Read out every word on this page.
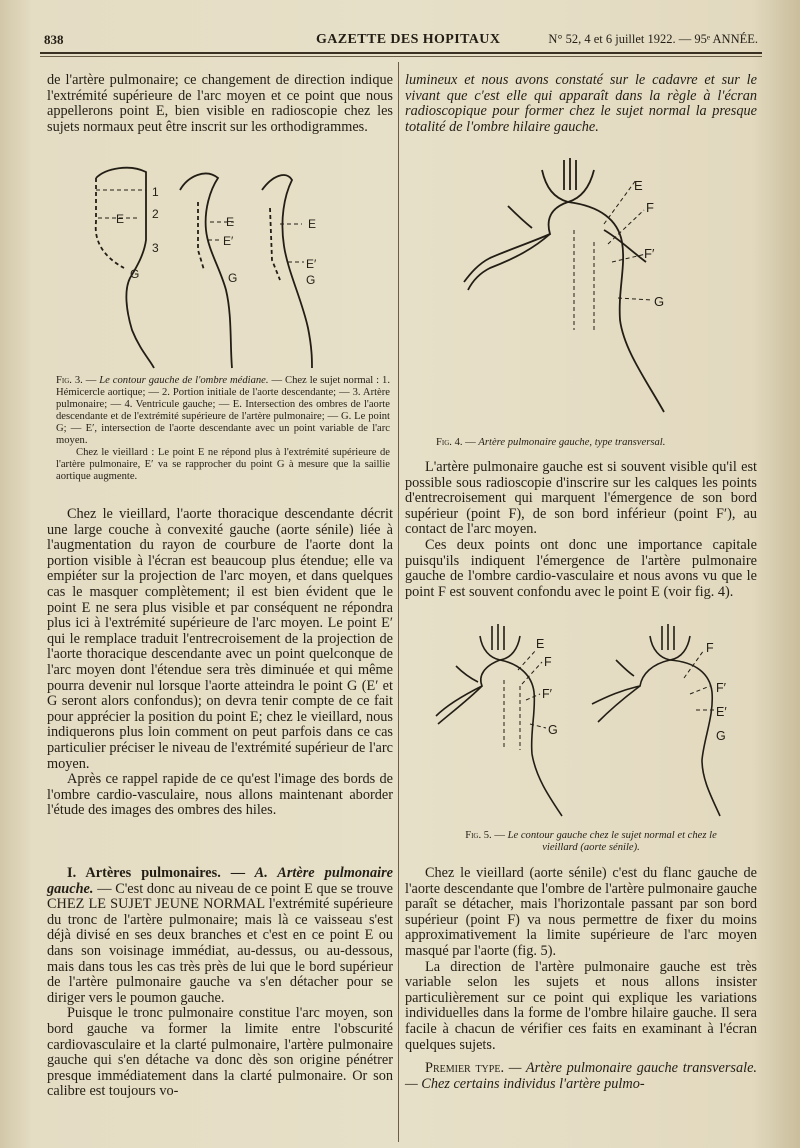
838	GAZETTE DES HOPITAUX	N° 52, 4 et 6 juillet 1922. — 95ᵉ ANNÉE.

de l'artère pulmonaire; ce changement de direction indique l'extrémité supérieure de l'arc moyen et ce point que nous appellerons point E, bien visible en radioscopie chez les sujets normaux peut être inscrit sur les orthodigrammes.

1
2
3
E
G
E
E′
G
E
E′
G

Fig. 3. — Le contour gauche de l'ombre médiane. — Chez le sujet normal : 1. Hémicercle aortique; — 2. Portion initiale de l'aorte descendante; — 3. Artère pulmonaire; — 4. Ventricule gauche; — E. Intersection des ombres de l'aorte descendante et de l'extrémité supérieure de l'artère pulmonaire; — G. Le point G; — E′, intersection de l'aorte descendante avec un point variable de l'arc moyen.

Chez le vieillard : Le point E ne répond plus à l'extrémité supérieure de l'artère pulmonaire, E′ va se rapprocher du point G à mesure que la saillie aortique augmente.

Chez le vieillard, l'aorte thoracique descendante décrit une large couche à convexité gauche (aorte sénile) liée à l'augmentation du rayon de courbure de l'aorte dont la portion visible à l'écran est beaucoup plus étendue; elle va empiéter sur la projection de l'arc moyen, et dans quelques cas le masquer complètement; il est bien évident que le point E ne sera plus visible et par conséquent ne répondra plus ici à l'extrémité supérieure de l'arc moyen. Le point E′ qui le remplace traduit l'entrecroisement de la projection de l'aorte thoracique descendante avec un point quelconque de l'arc moyen dont l'étendue sera très diminuée et qui même pourra devenir nul lorsque l'aorte atteindra le point G (E′ et G seront alors confondus); on devra tenir compte de ce fait pour apprécier la position du point E; chez le vieillard, nous indiquerons plus loin comment on peut parfois dans ce cas particulier préciser le niveau de l'extrémité supérieur de l'arc moyen.

Après ce rappel rapide de ce qu'est l'image des bords de l'ombre cardio-vasculaire, nous allons maintenant aborder l'étude des images des ombres des hiles.

I. Artères pulmonaires. — A. Artère pulmonaire gauche. — C'est donc au niveau de ce point E que se trouve CHEZ LE SUJET JEUNE NORMAL l'extrémité supérieure du tronc de l'artère pulmonaire; mais là ce vaisseau s'est déjà divisé en ses deux branches et c'est en ce point E ou dans son voisinage immédiat, au-dessus, ou au-dessous, mais dans tous les cas très près de lui que le bord supérieur de l'artère pulmonaire gauche va s'en détacher pour se diriger vers le poumon gauche.

Puisque le tronc pulmonaire constitue l'arc moyen, son bord gauche va former la limite entre l'obscurité cardiovasculaire et la clarté pulmonaire, l'artère pulmonaire gauche qui s'en détache va donc dès son origine pénétrer presque immédiatement dans la clarté pulmonaire. Or son calibre est toujours vo-

lumineux et nous avons constaté sur le cadavre et sur le vivant que c'est elle qui apparaît dans la règle à l'écran radioscopique pour former chez le sujet normal la presque totalité de l'ombre hilaire gauche.

E
F
F′
G

Fig. 4. — Artère pulmonaire gauche, type transversal.

L'artère pulmonaire gauche est si souvent visible qu'il est possible sous radioscopie d'inscrire sur les calques les points d'entrecroisement qui marquent l'émergence de son bord supérieur (point F), de son bord inférieur (point F′), au contact de l'arc moyen.

Ces deux points ont donc une importance capitale puisqu'ils indiquent l'émergence de l'artère pulmonaire gauche de l'ombre cardio-vasculaire et nous avons vu que le point F est souvent confondu avec le point E (voir fig. 4).

E
F
F′
G
F
F′
E′
G

Fig. 5. — Le contour gauche chez le sujet normal et chez le vieillard (aorte sénile).

Chez le vieillard (aorte sénile) c'est du flanc gauche de l'aorte descendante que l'ombre de l'artère pulmonaire gauche paraît se détacher, mais l'horizontale passant par son bord supérieur (point F) va nous permettre de fixer du moins approximativement la limite supérieure de l'arc moyen masqué par l'aorte (fig. 5).

La direction de l'artère pulmonaire gauche est très variable selon les sujets et nous allons insister particulièrement sur ce point qui explique les variations individuelles dans la forme de l'ombre hilaire gauche. Il sera facile à chacun de vérifier ces faits en examinant à l'écran quelques sujets.

Premier type. — Artère pulmonaire gauche transversale. — Chez certains individus l'artère pulmo-
